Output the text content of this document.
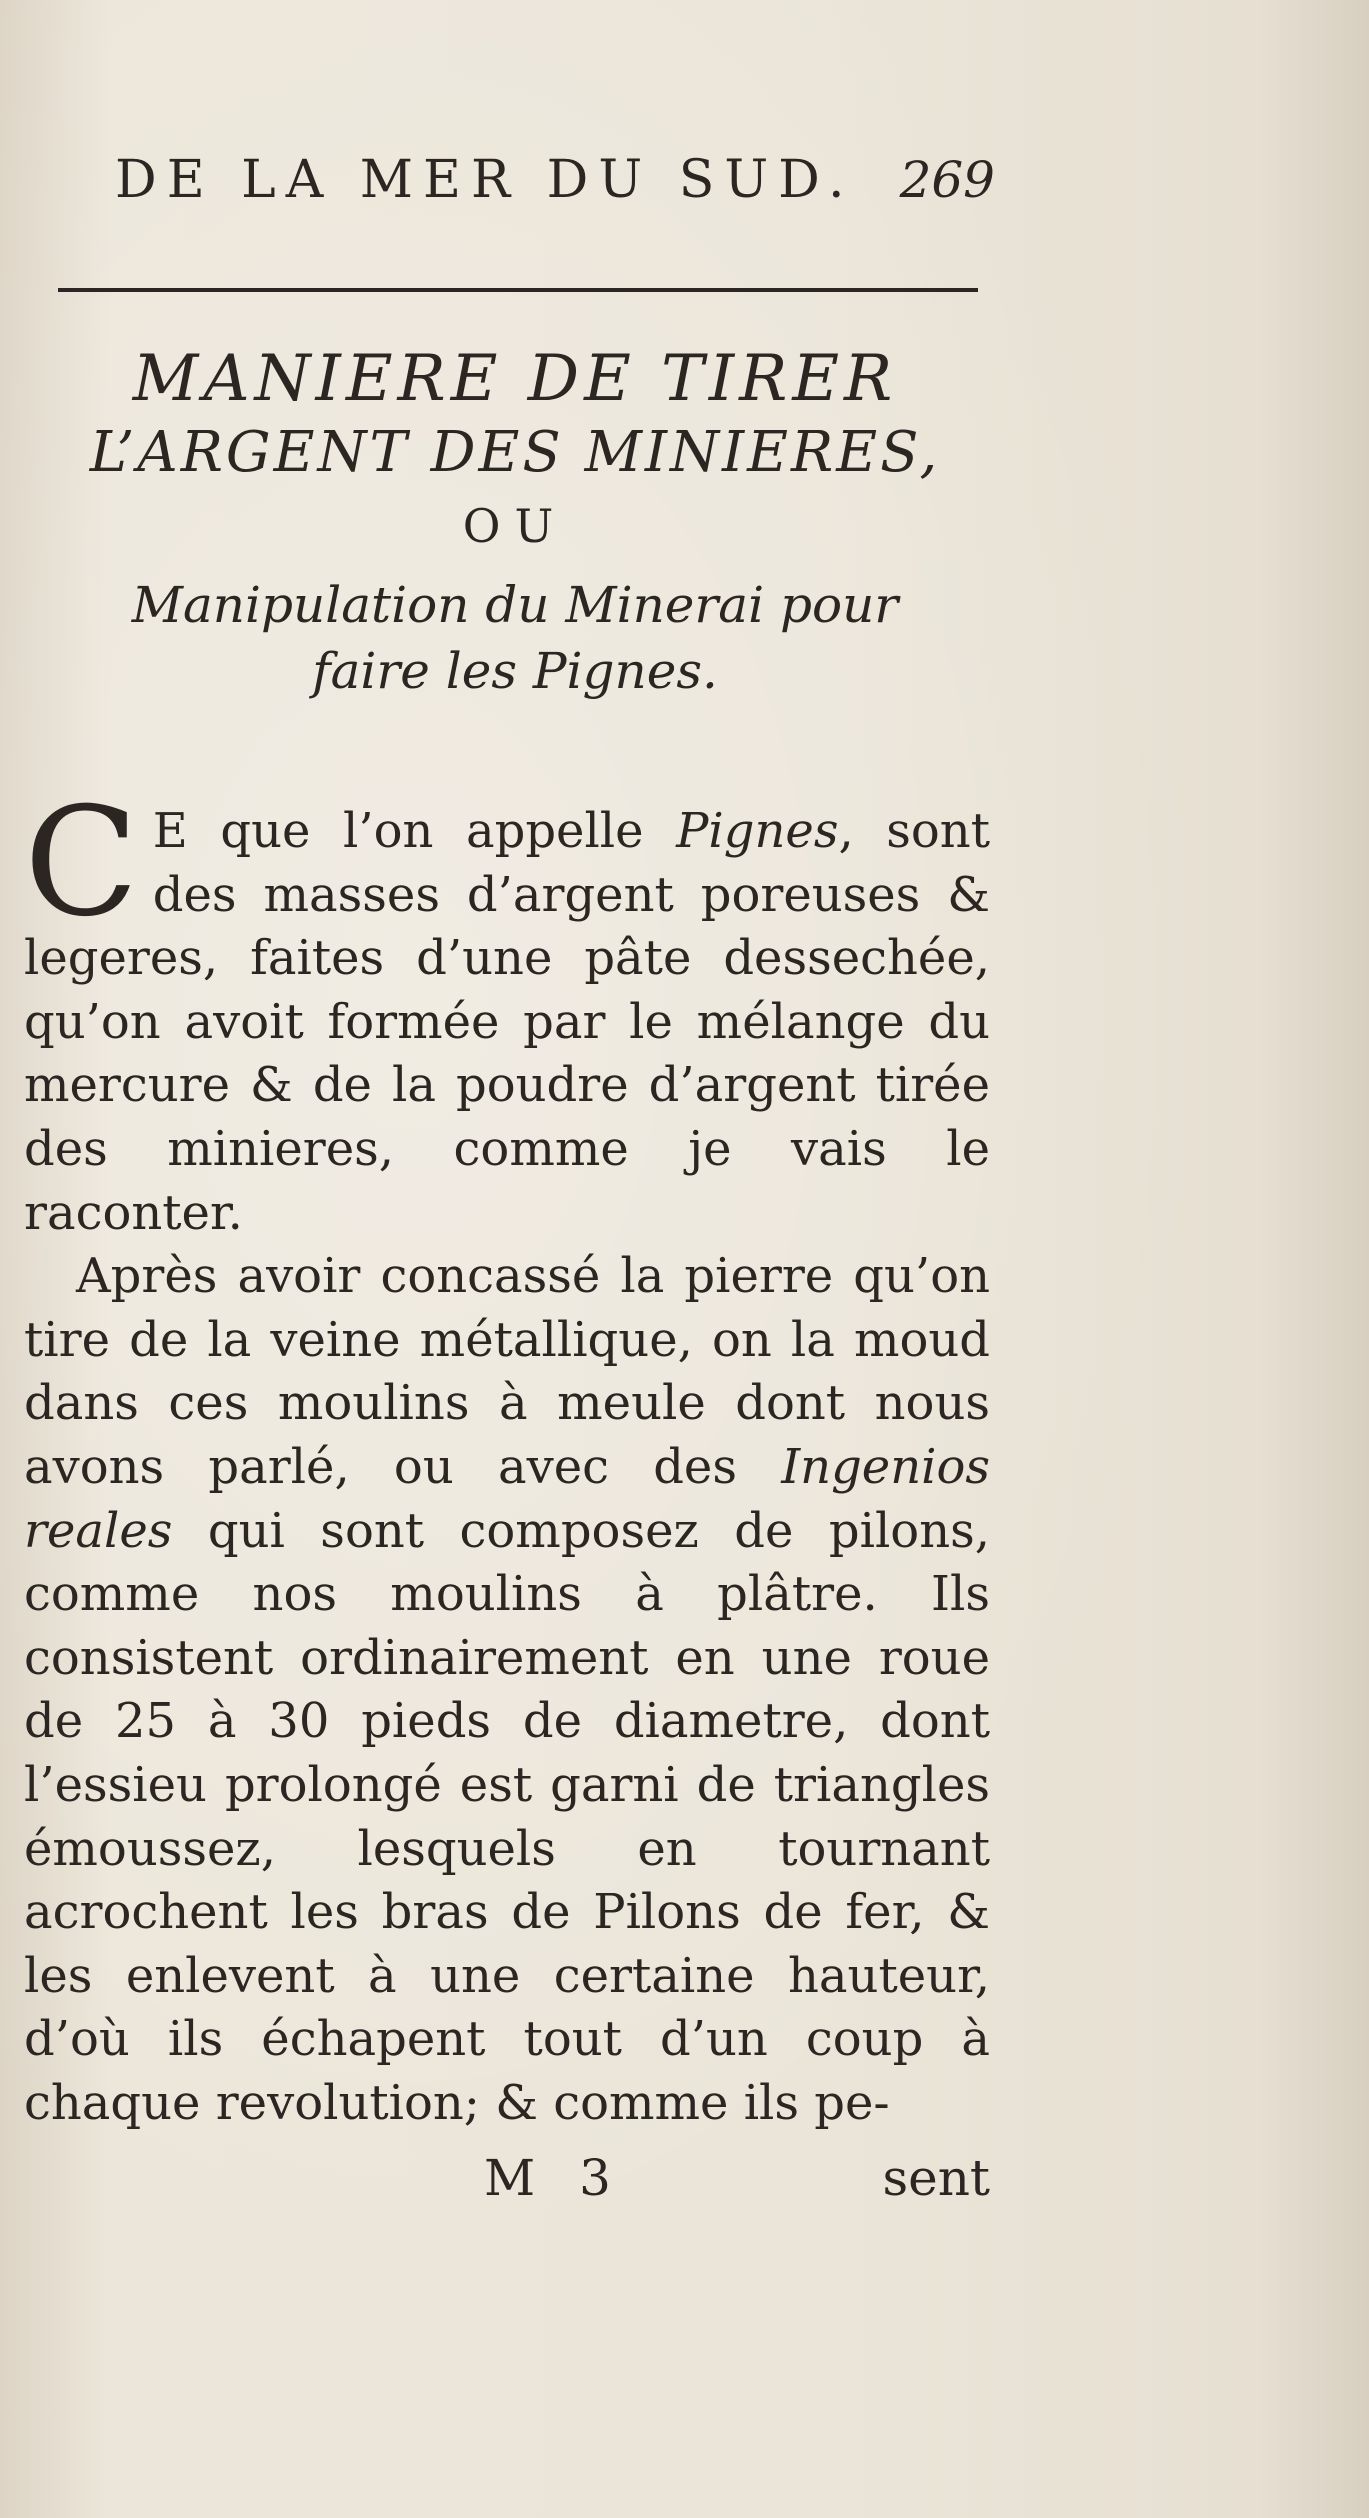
DE LA MER DU SUD. 269
MANIERE DE TIRER
L’ARGENT DES MINIERES,
OU
Manipulation du Minerai pour
faire les Pignes.

C E que l’on appelle Pignes, sont des masses d’argent poreuses & legeres, faites d’une pâte dessechée, qu’on avoit formée par le mélange du mercure & de la poudre d’argent tirée des minieres, comme je vais le raconter.

Après avoir concassé la pierre qu’on tire de la veine métallique, on la moud dans ces moulins à meule dont nous avons parlé, ou avec des Ingenios reales qui sont composez de pilons, comme nos moulins à plâtre. Ils consistent ordinairement en une roue de 25 à 30 pieds de diametre, dont l’essieu prolongé est garni de triangles émoussez, lesquels en tournant acrochent les bras de Pilons de fer, & les enlevent à une certaine hauteur, d’où ils échapent tout d’un coup à chaque revolution; & comme ils pe-

M 3	sent
